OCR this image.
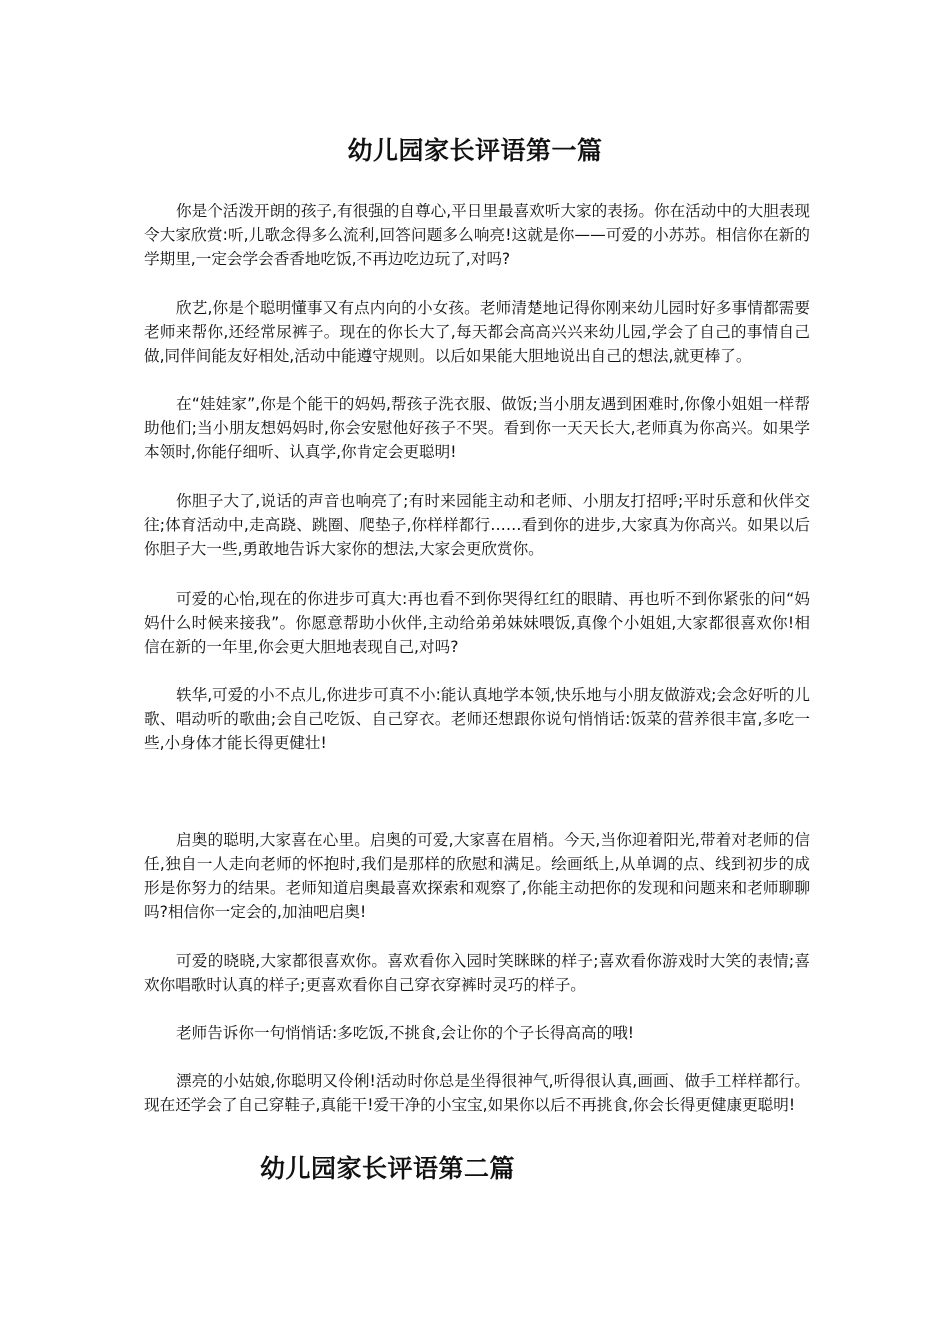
幼儿园家长评语第一篇

你是个活泼开朗的孩子,有很强的自尊心,平日里最喜欢听大家的表扬。你在活动中的大胆表现令大家欣赏:听,儿歌念得多么流利,回答问题多么响亮!这就是你——可爱的小苏苏。相信你在新的学期里,一定会学会香香地吃饭,不再边吃边玩了,对吗?

欣艺,你是个聪明懂事又有点内向的小女孩。老师清楚地记得你刚来幼儿园时好多事情都需要老师来帮你,还经常尿裤子。现在的你长大了,每天都会高高兴兴来幼儿园,学会了自己的事情自己做,同伴间能友好相处,活动中能遵守规则。以后如果能大胆地说出自己的想法,就更棒了。

在“娃娃家”,你是个能干的妈妈,帮孩子洗衣服、做饭;当小朋友遇到困难时,你像小姐姐一样帮助他们;当小朋友想妈妈时,你会安慰他好孩子不哭。看到你一天天长大,老师真为你高兴。如果学本领时,你能仔细听、认真学,你肯定会更聪明!

你胆子大了,说话的声音也响亮了;有时来园能主动和老师、小朋友打招呼;平时乐意和伙伴交往;体育活动中,走高跷、跳圈、爬垫子,你样样都行……看到你的进步,大家真为你高兴。如果以后你胆子大一些,勇敢地告诉大家你的想法,大家会更欣赏你。

可爱的心怡,现在的你进步可真大:再也看不到你哭得红红的眼睛、再也听不到你紧张的问“妈妈什么时候来接我”。你愿意帮助小伙伴,主动给弟弟妹妹喂饭,真像个小姐姐,大家都很喜欢你!相信在新的一年里,你会更大胆地表现自己,对吗?

轶华,可爱的小不点儿,你进步可真不小:能认真地学本领,快乐地与小朋友做游戏;会念好听的儿歌、唱动听的歌曲;会自己吃饭、自己穿衣。老师还想跟你说句悄悄话:饭菜的营养很丰富,多吃一些,小身体才能长得更健壮!

启奥的聪明,大家喜在心里。启奥的可爱,大家喜在眉梢。今天,当你迎着阳光,带着对老师的信任,独自一人走向老师的怀抱时,我们是那样的欣慰和满足。绘画纸上,从单调的点、线到初步的成形是你努力的结果。老师知道启奥最喜欢探索和观察了,你能主动把你的发现和问题来和老师聊聊吗?相信你一定会的,加油吧启奥!

可爱的晓晓,大家都很喜欢你。喜欢看你入园时笑眯眯的样子;喜欢看你游戏时大笑的表情;喜欢你唱歌时认真的样子;更喜欢看你自己穿衣穿裤时灵巧的样子。

老师告诉你一句悄悄话:多吃饭,不挑食,会让你的个子长得高高的哦!

漂亮的小姑娘,你聪明又伶俐!活动时你总是坐得很神气,听得很认真,画画、做手工样样都行。现在还学会了自己穿鞋子,真能干!爱干净的小宝宝,如果你以后不再挑食,你会长得更健康更聪明!

幼儿园家长评语第二篇
